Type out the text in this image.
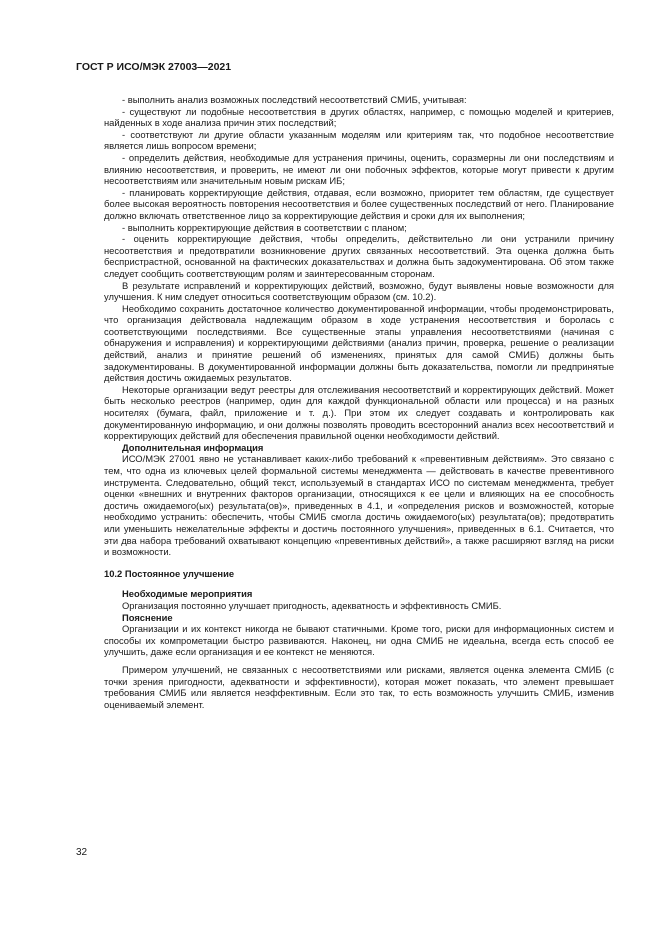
ГОСТ Р ИСО/МЭК 27003—2021

- выполнить анализ возможных последствий несоответствий СМИБ, учитывая:

- существуют ли подобные несоответствия в других областях, например, с помощью моделей и критериев, найденных в ходе анализа причин этих последствий;

- соответствуют ли другие области указанным моделям или критериям так, что подобное несоответствие является лишь вопросом времени;

- определить действия, необходимые для устранения причины, оценить, соразмерны ли они последствиям и влиянию несоответствия, и проверить, не имеют ли они побочных эффектов, которые могут привести к другим несоответствиям или значительным новым рискам ИБ;

- планировать корректирующие действия, отдавая, если возможно, приоритет тем областям, где существует более высокая вероятность повторения несоответствия и более существенных последствий от него. Планирование должно включать ответственное лицо за корректирующие действия и сроки для их выполнения;

- выполнить корректирующие действия в соответствии с планом;

- оценить корректирующие действия, чтобы определить, действительно ли они устранили причину несоответствия и предотвратили возникновение других связанных несоответствий. Эта оценка должна быть беспристрастной, основанной на фактических доказательствах и должна быть задокументирована. Об этом также следует сообщить соответствующим ролям и заинтересованным сторонам.

В результате исправлений и корректирующих действий, возможно, будут выявлены новые возможности для улучшения. К ним следует относиться соответствующим образом (см. 10.2).

Необходимо сохранить достаточное количество документированной информации, чтобы продемонстрировать, что организация действовала надлежащим образом в ходе устранения несоответствия и боролась с соответствующими последствиями. Все существенные этапы управления несоответствиями (начиная с обнаружения и исправления) и корректирующими действиями (анализ причин, проверка, решение о реализации действий, анализ и принятие решений об изменениях, принятых для самой СМИБ) должны быть задокументированы. В документированной информации должны быть доказательства, помогли ли предпринятые действия достичь ожидаемых результатов.

Некоторые организации ведут реестры для отслеживания несоответствий и корректирующих действий. Может быть несколько реестров (например, один для каждой функциональной области или процесса) и на разных носителях (бумага, файл, приложение и т. д.). При этом их следует создавать и контролировать как документированную информацию, и они должны позволять проводить всесторонний анализ всех несоответствий и корректирующих действий для обеспечения правильной оценки необходимости действий.

Дополнительная информация

ИСО/МЭК 27001 явно не устанавливает каких-либо требований к «превентивным действиям». Это связано с тем, что одна из ключевых целей формальной системы менеджмента — действовать в качестве превентивного инструмента. Следовательно, общий текст, используемый в стандартах ИСО по системам менеджмента, требует оценки «внешних и внутренних факторов организации, относящихся к ее цели и влияющих на ее способность достичь ожидаемого(ых) результата(ов)», приведенных в 4.1, и «определения рисков и возможностей, которые необходимо устранить: обеспечить, чтобы СМИБ смогла достичь ожидаемого(ых) результата(ов); предотвратить или уменьшить нежелательные эффекты и достичь постоянного улучшения», приведенных в 6.1. Считается, что эти два набора требований охватывают концепцию «превентивных действий», а также расширяют взгляд на риски и возможности.

10.2 Постоянное улучшение

Необходимые мероприятия

Организация постоянно улучшает пригодность, адекватность и эффективность СМИБ.

Пояснение

Организации и их контекст никогда не бывают статичными. Кроме того, риски для информационных систем и способы их компрометации быстро развиваются. Наконец, ни одна СМИБ не идеальна, всегда есть способ ее улучшить, даже если организация и ее контекст не меняются.

Примером улучшений, не связанных с несоответствиями или рисками, является оценка элемента СМИБ (с точки зрения пригодности, адекватности и эффективности), которая может показать, что элемент превышает требования СМИБ или является неэффективным. Если это так, то есть возможность улучшить СМИБ, изменив оцениваемый элемент.

32
